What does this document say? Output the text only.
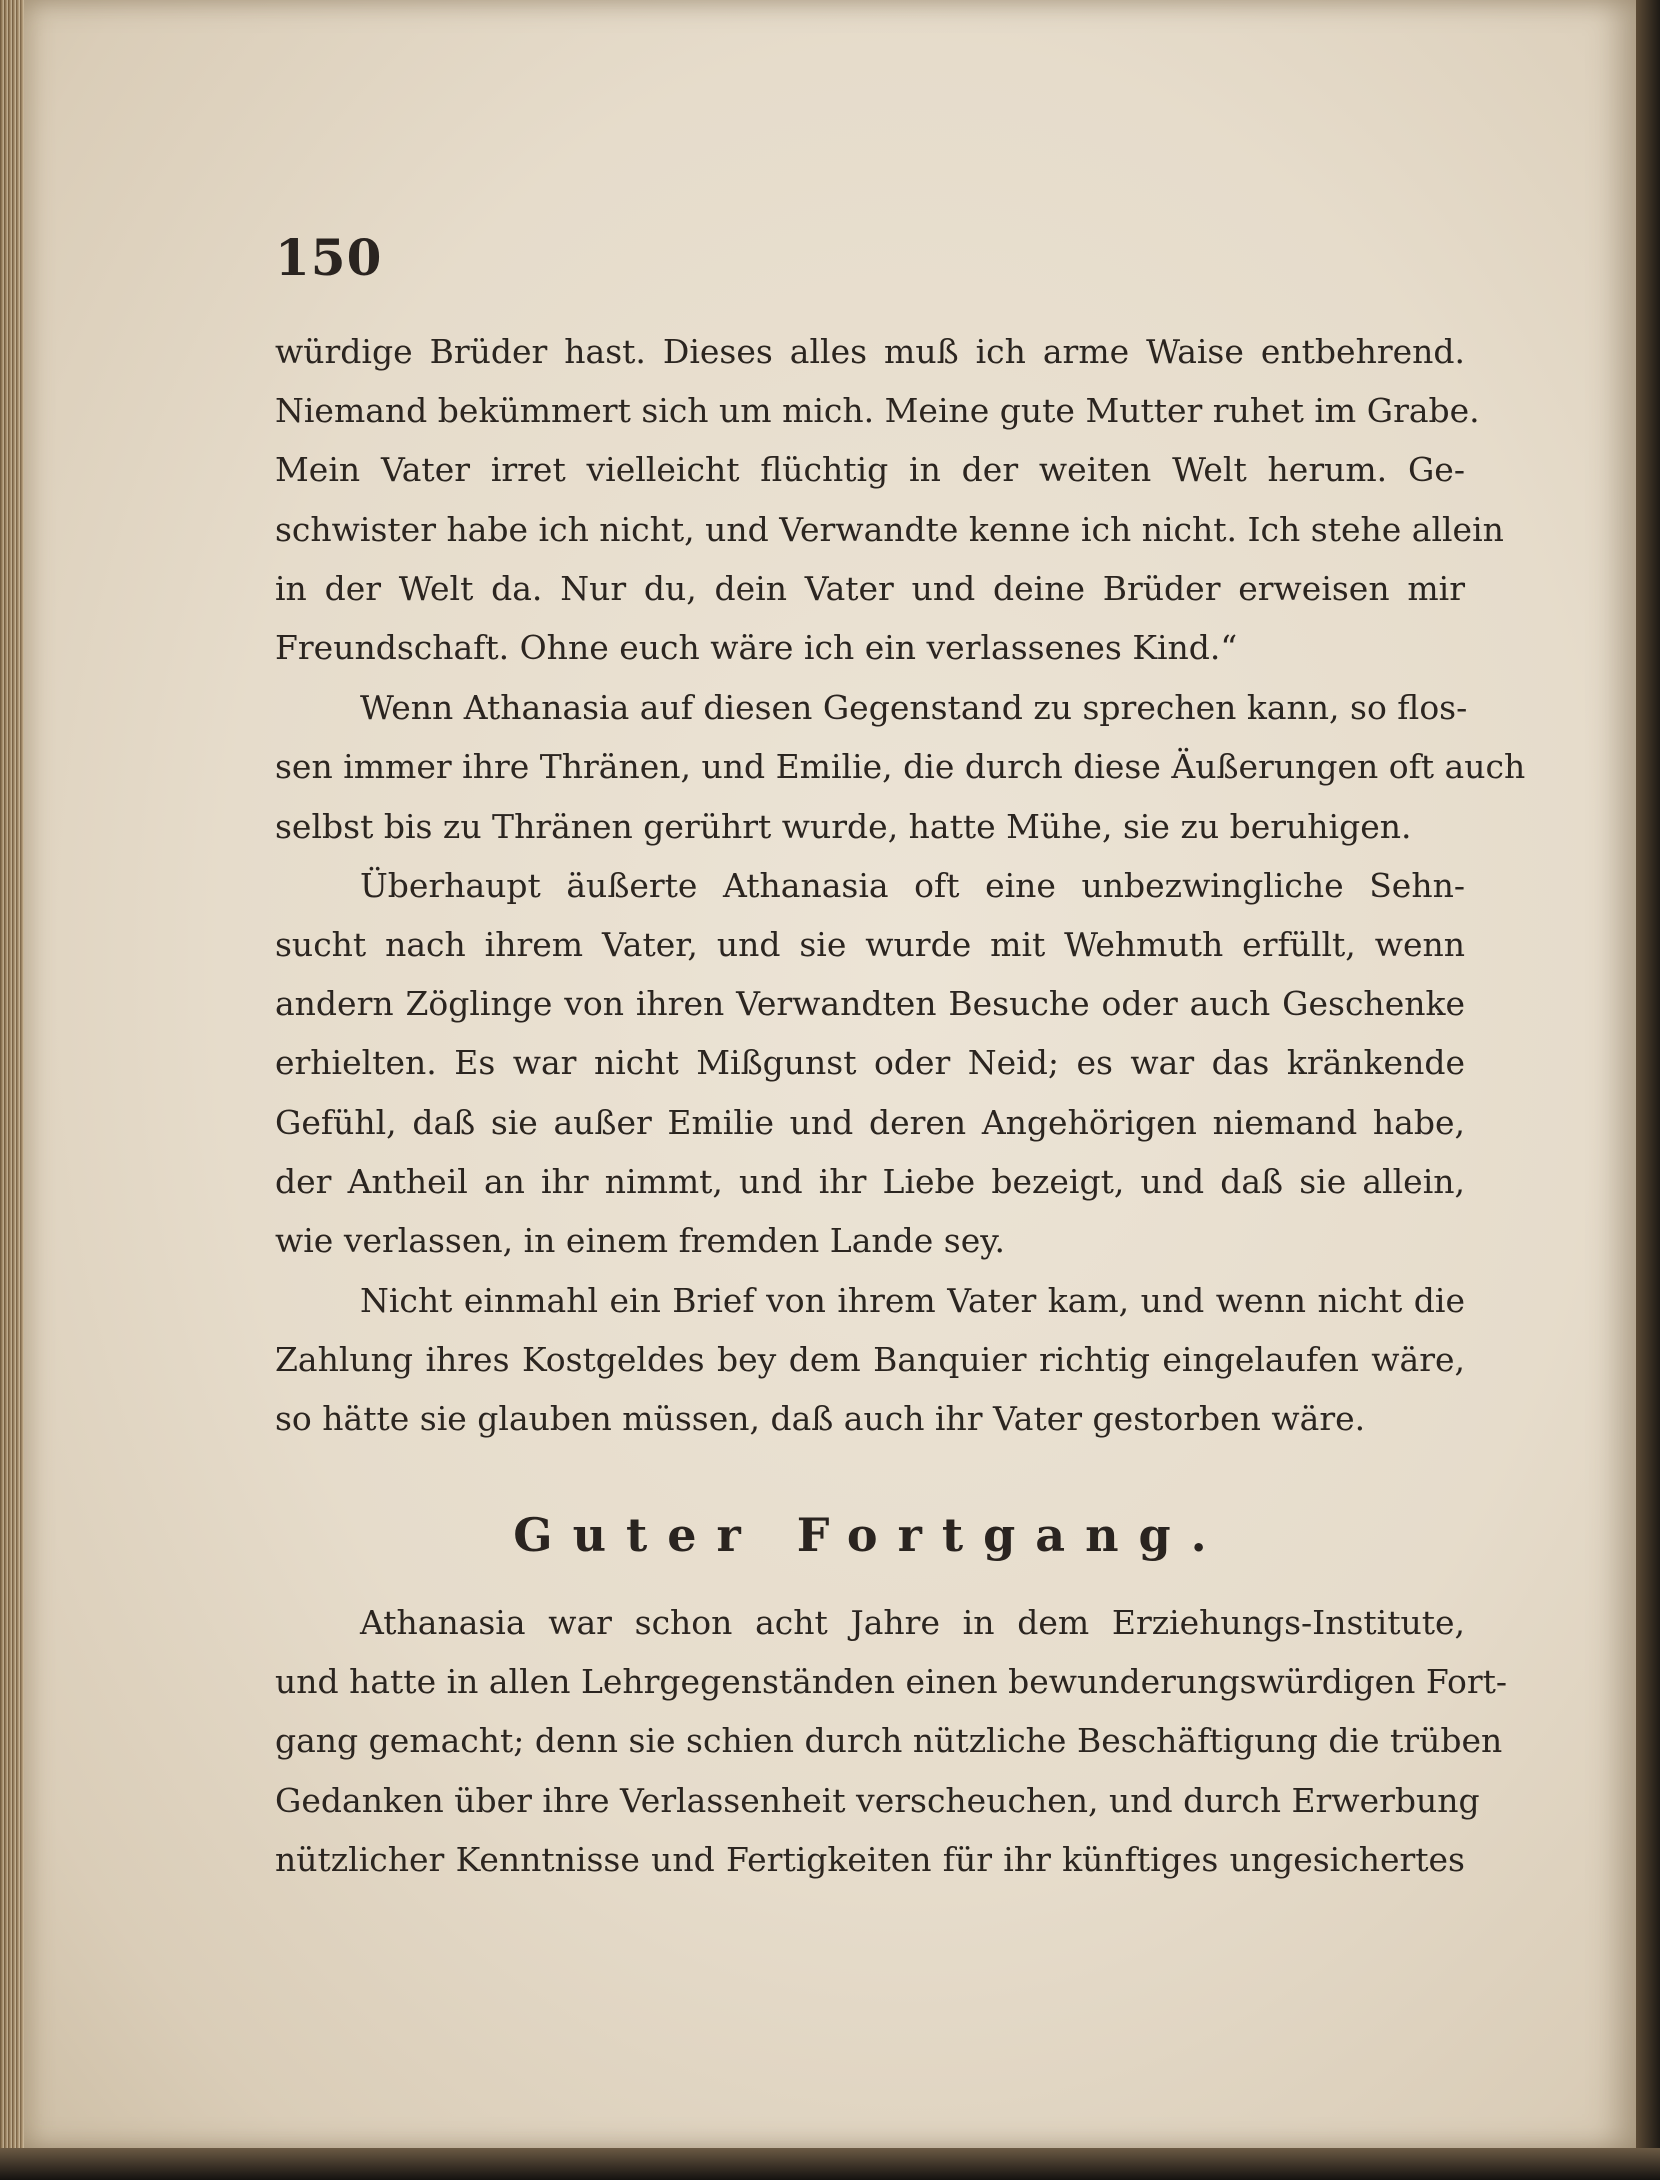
150
würdige Brüder hast. Dieses alles muß ich arme Waise entbehrend.
Niemand bekümmert sich um mich. Meine gute Mutter ruhet im Grabe.
Mein Vater irret vielleicht flüchtig in der weiten Welt herum. Ge-
schwister habe ich nicht, und Verwandte kenne ich nicht. Ich stehe allein
in der Welt da. Nur du, dein Vater und deine Brüder erweisen mir
Freundschaft. Ohne euch wäre ich ein verlassenes Kind.“
Wenn Athanasia auf diesen Gegenstand zu sprechen kann, so flos-
sen immer ihre Thränen, und Emilie, die durch diese Äußerungen oft auch
selbst bis zu Thränen gerührt wurde, hatte Mühe, sie zu beruhigen.
Überhaupt äußerte Athanasia oft eine unbezwingliche Sehn-
sucht nach ihrem Vater, und sie wurde mit Wehmuth erfüllt, wenn
andern Zöglinge von ihren Verwandten Besuche oder auch Geschenke
erhielten. Es war nicht Mißgunst oder Neid; es war das kränkende
Gefühl, daß sie außer Emilie und deren Angehörigen niemand habe,
der Antheil an ihr nimmt, und ihr Liebe bezeigt, und daß sie allein,
wie verlassen, in einem fremden Lande sey.
Nicht einmahl ein Brief von ihrem Vater kam, und wenn nicht die
Zahlung ihres Kostgeldes bey dem Banquier richtig eingelaufen wäre,
so hätte sie glauben müssen, daß auch ihr Vater gestorben wäre.
Guter Fortgang.
Athanasia war schon acht Jahre in dem Erziehungs-Institute,
und hatte in allen Lehrgegenständen einen bewunderungswürdigen Fort-
gang gemacht; denn sie schien durch nützliche Beschäftigung die trüben
Gedanken über ihre Verlassenheit verscheuchen, und durch Erwerbung
nützlicher Kenntnisse und Fertigkeiten für ihr künftiges ungesichertes
